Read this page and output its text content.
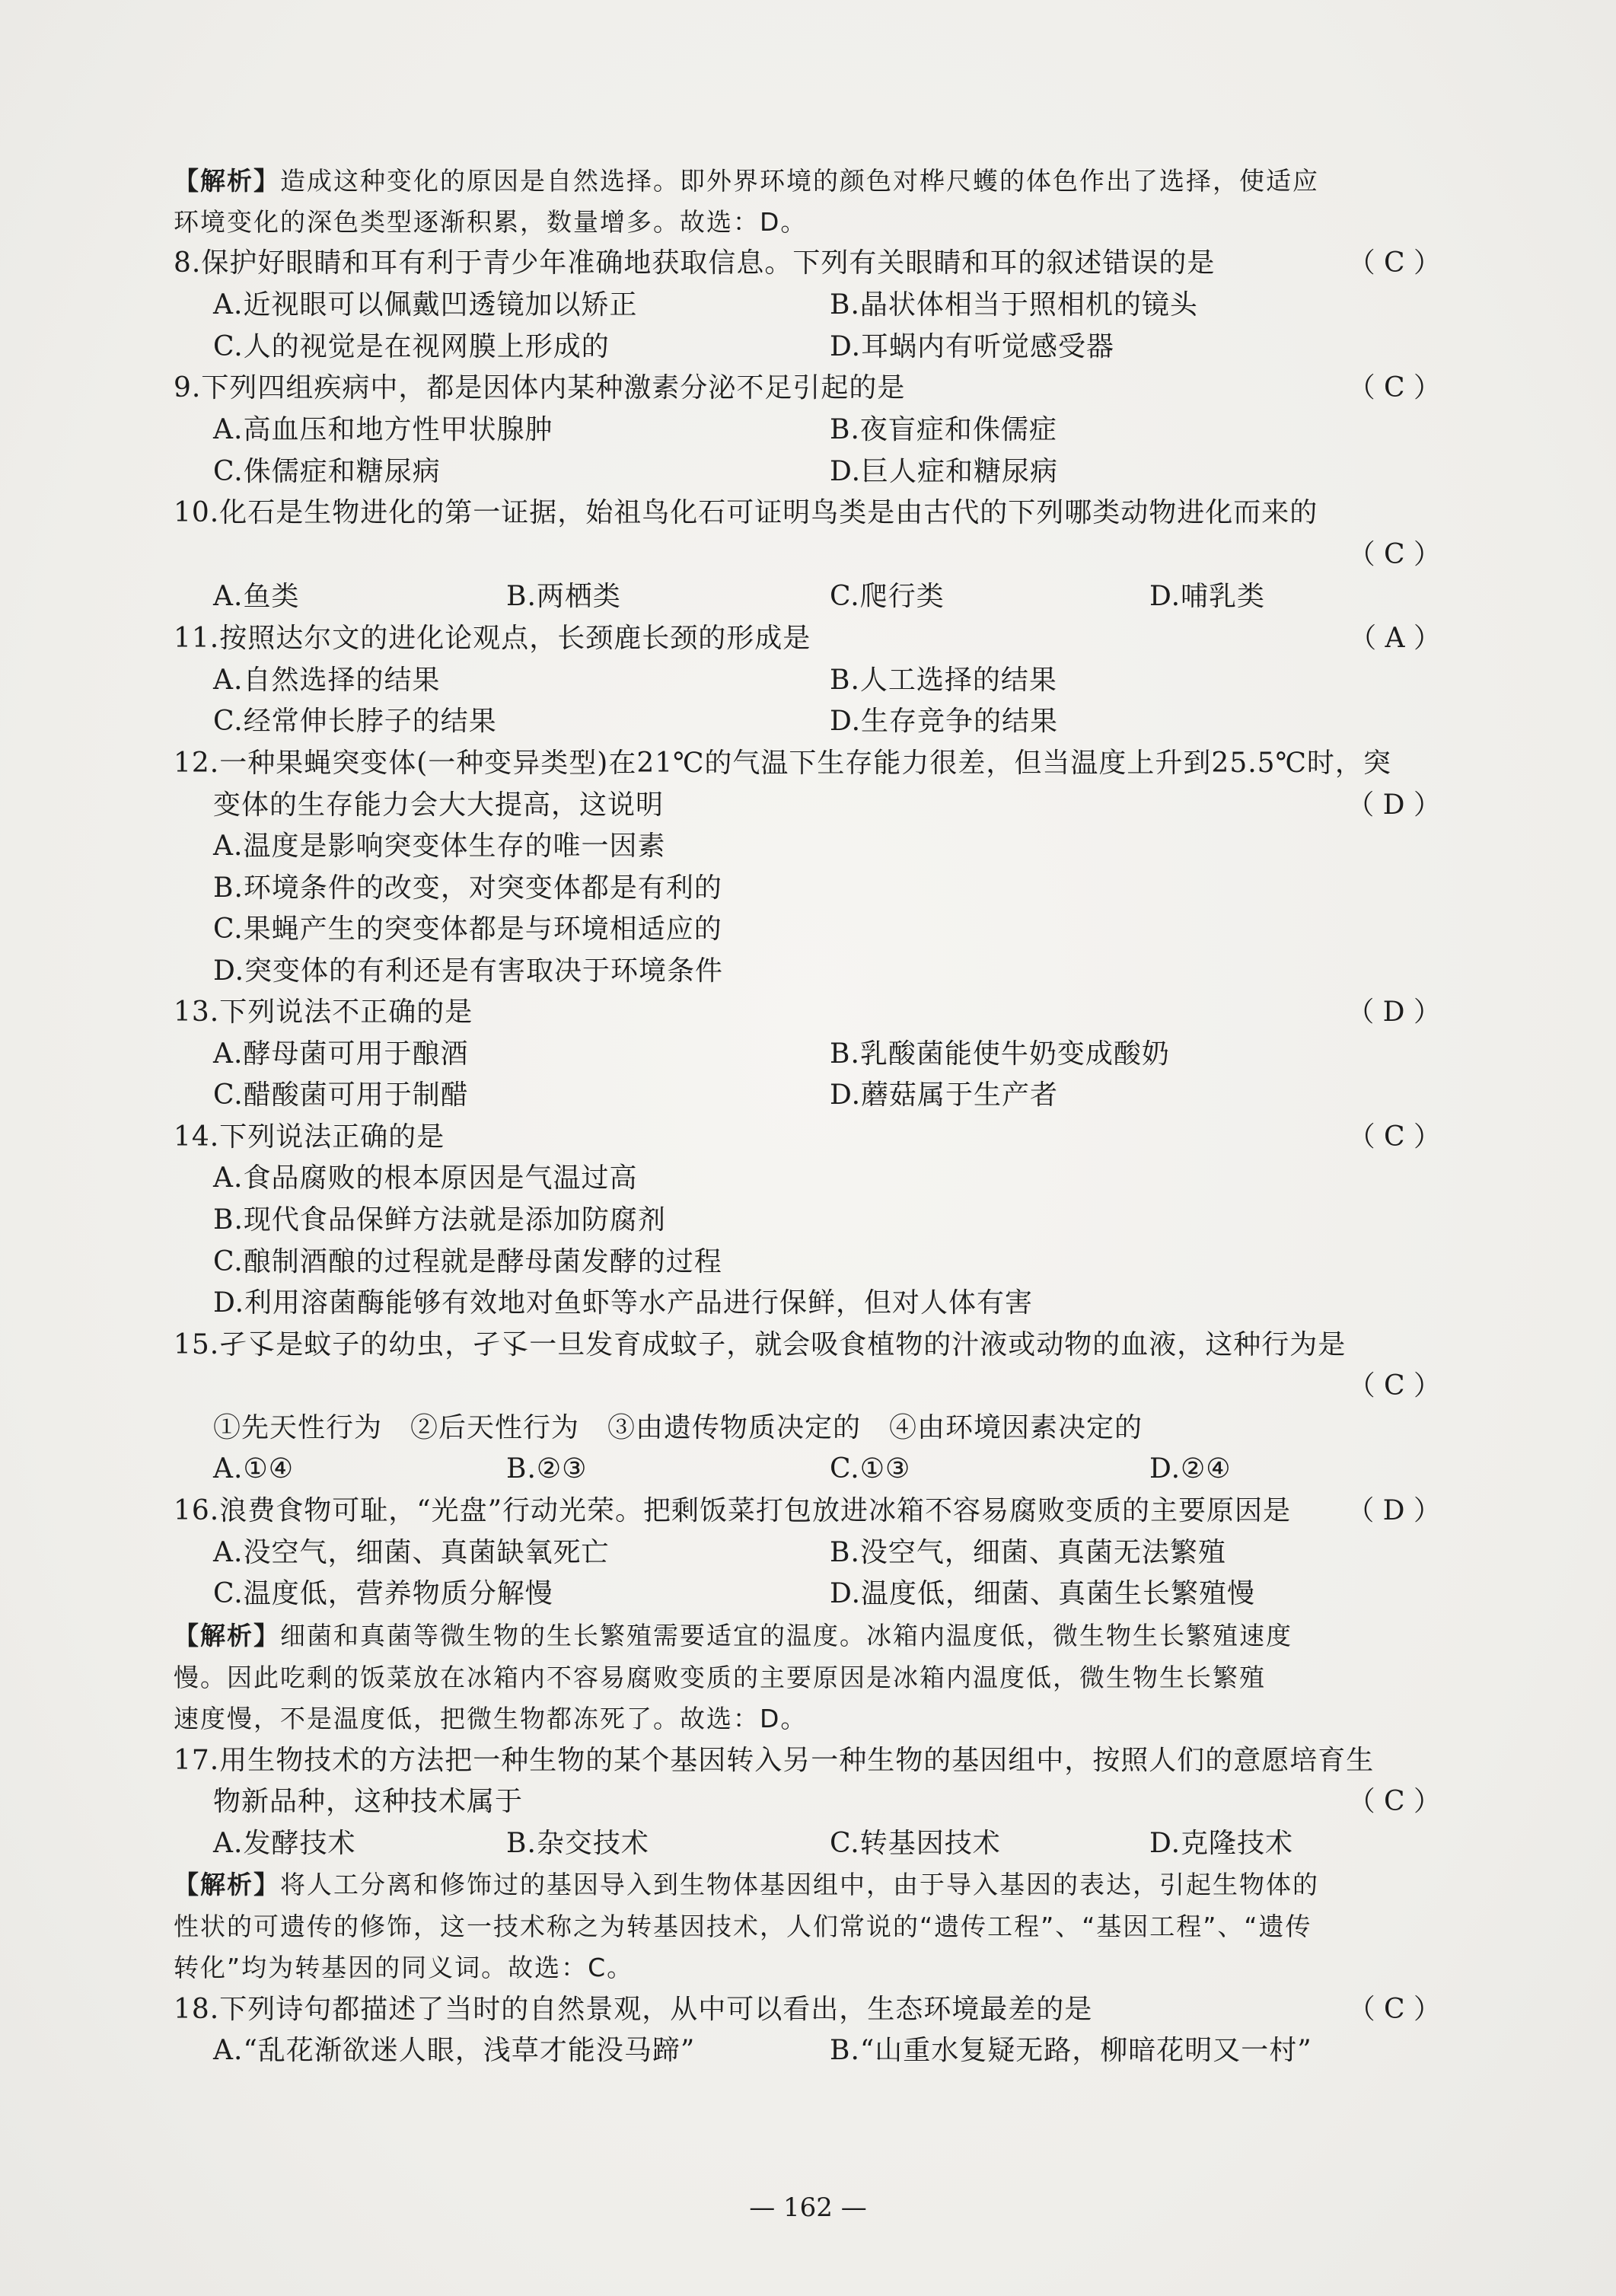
【解析】造成这种变化的原因是自然选择。即外界环境的颜色对桦尺蠖的体色作出了选择，使适应
环境变化的深色类型逐渐积累，数量增多。故选：D。
8.保护好眼睛和耳有利于青少年准确地获取信息。下列有关眼睛和耳的叙述错误的是	（ C ）
A.近视眼可以佩戴凹透镜加以矫正	B.晶状体相当于照相机的镜头
C.人的视觉是在视网膜上形成的	D.耳蜗内有听觉感受器
9.下列四组疾病中，都是因体内某种激素分泌不足引起的是	（ C ）
A.高血压和地方性甲状腺肿	B.夜盲症和侏儒症
C.侏儒症和糖尿病	D.巨人症和糖尿病
10.化石是生物进化的第一证据，始祖鸟化石可证明鸟类是由古代的下列哪类动物进化而来的
（ C ）
A.鱼类	B.两栖类	C.爬行类	D.哺乳类
11.按照达尔文的进化论观点，长颈鹿长颈的形成是	（ A ）
A.自然选择的结果	B.人工选择的结果
C.经常伸长脖子的结果	D.生存竞争的结果
12.一种果蝇突变体(一种变异类型)在21℃的气温下生存能力很差，但当温度上升到25.5℃时，突
变体的生存能力会大大提高，这说明	（ D ）
A.温度是影响突变体生存的唯一因素
B.环境条件的改变，对突变体都是有利的
C.果蝇产生的突变体都是与环境相适应的
D.突变体的有利还是有害取决于环境条件
13.下列说法不正确的是	（ D ）
A.酵母菌可用于酿酒	B.乳酸菌能使牛奶变成酸奶
C.醋酸菌可用于制醋	D.蘑菇属于生产者
14.下列说法正确的是	（ C ）
A.食品腐败的根本原因是气温过高
B.现代食品保鲜方法就是添加防腐剂
C.酿制酒酿的过程就是酵母菌发酵的过程
D.利用溶菌酶能够有效地对鱼虾等水产品进行保鲜，但对人体有害
15.孑孓是蚊子的幼虫，孑孓一旦发育成蚊子，就会吸食植物的汁液或动物的血液，这种行为是
（ C ）
①先天性行为　②后天性行为　③由遗传物质决定的　④由环境因素决定的
A.①④	B.②③	C.①③	D.②④
16.浪费食物可耻，“光盘”行动光荣。把剩饭菜打包放进冰箱不容易腐败变质的主要原因是 （ D ）
A.没空气，细菌、真菌缺氧死亡	B.没空气，细菌、真菌无法繁殖
C.温度低，营养物质分解慢	D.温度低，细菌、真菌生长繁殖慢
【解析】细菌和真菌等微生物的生长繁殖需要适宜的温度。冰箱内温度低，微生物生长繁殖速度
慢。因此吃剩的饭菜放在冰箱内不容易腐败变质的主要原因是冰箱内温度低，微生物生长繁殖
速度慢，不是温度低，把微生物都冻死了。故选：D。
17.用生物技术的方法把一种生物的某个基因转入另一种生物的基因组中，按照人们的意愿培育生
物新品种，这种技术属于	（ C ）
A.发酵技术	B.杂交技术	C.转基因技术	D.克隆技术
【解析】将人工分离和修饰过的基因导入到生物体基因组中，由于导入基因的表达，引起生物体的
性状的可遗传的修饰，这一技术称之为转基因技术，人们常说的“遗传工程”、“基因工程”、“遗传
转化”均为转基因的同义词。故选：C。
18.下列诗句都描述了当时的自然景观，从中可以看出，生态环境最差的是	（ C ）
A.“乱花渐欲迷人眼，浅草才能没马蹄”	B.“山重水复疑无路，柳暗花明又一村”
— 162 —
